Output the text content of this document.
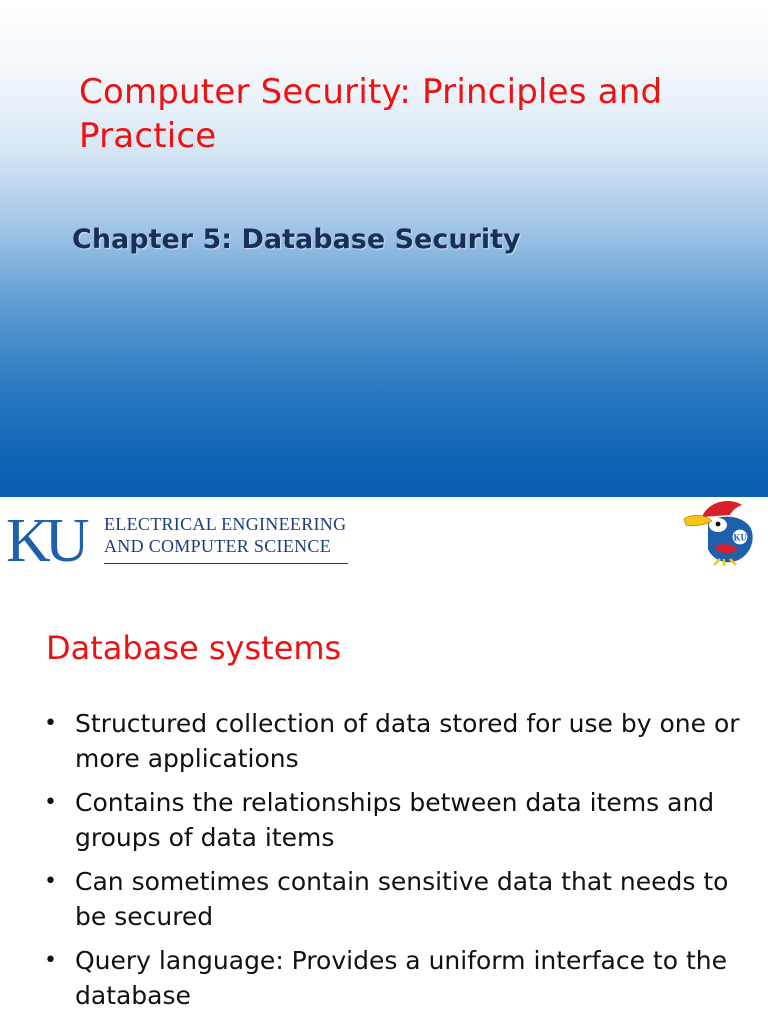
Computer Security: Principles and Practice
Chapter 5: Database Security
KU ELECTRICAL ENGINEERING
AND COMPUTER SCIENCE	KU
Database systems
• Structured collection of data stored for use by one or more applications
• Contains the relationships between data items and groups of data items
• Can sometimes contain sensitive data that needs to be secured
• Query language: Provides a uniform interface to the database
